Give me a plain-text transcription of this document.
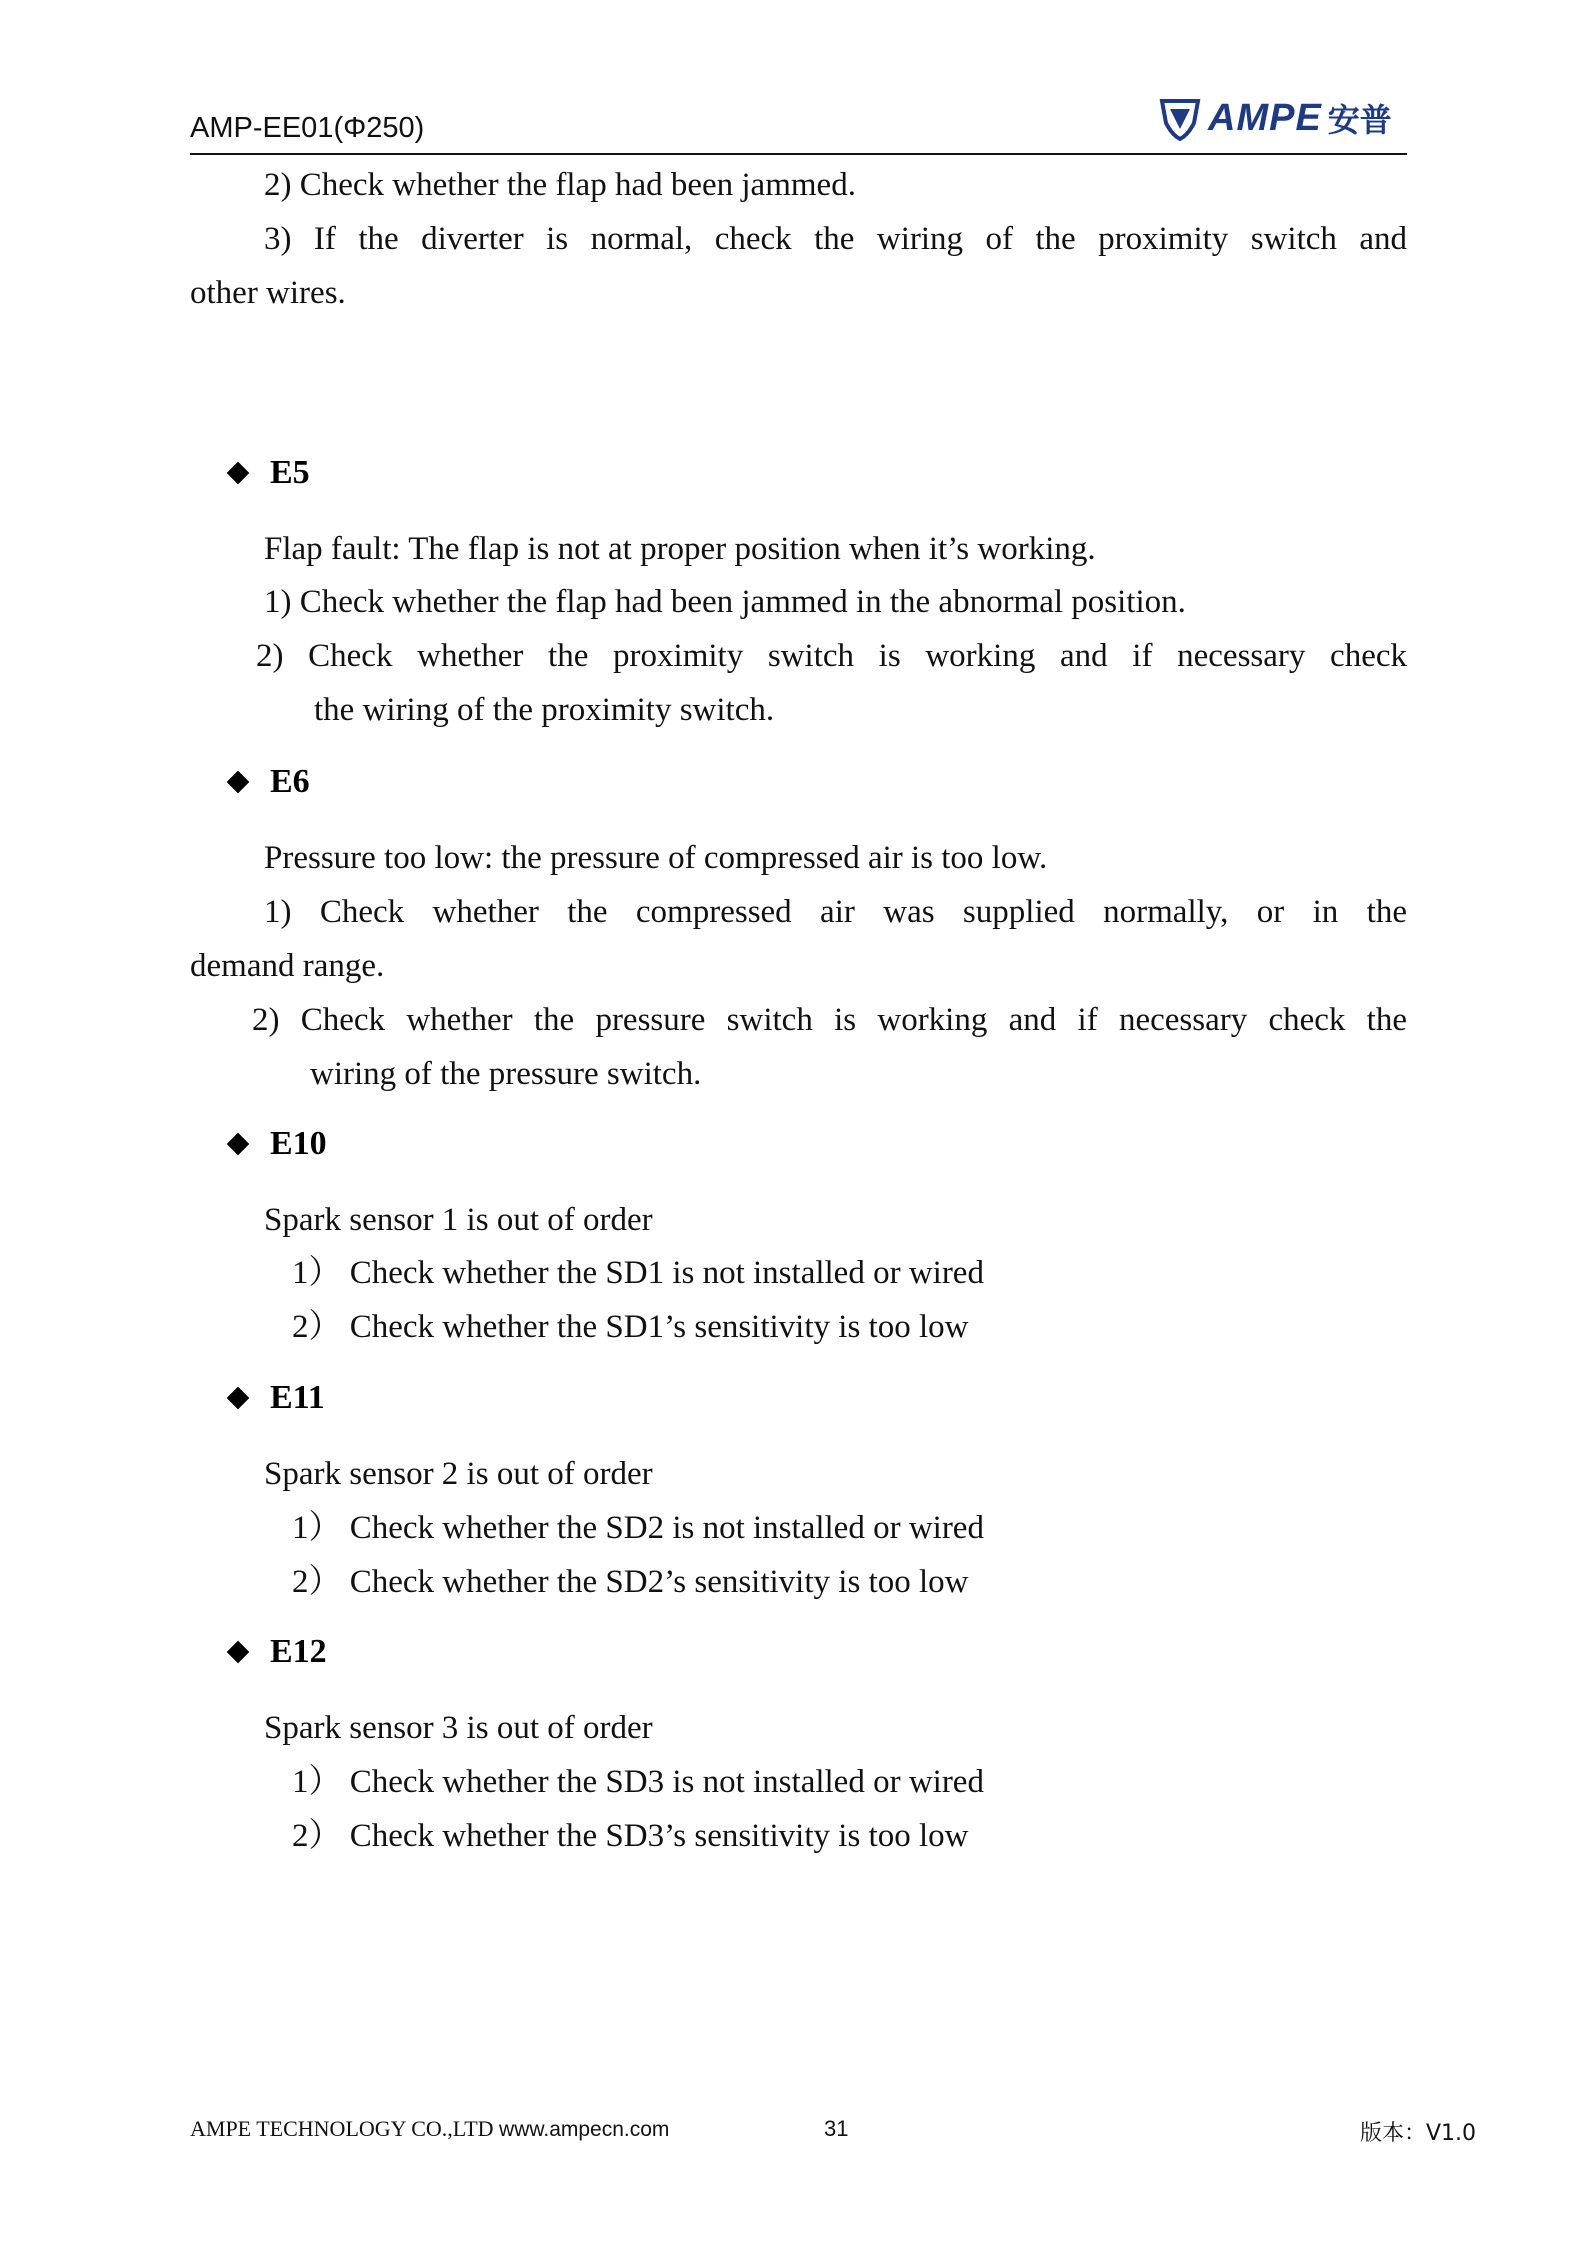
AMP-EE01(Φ250)	AMPE 安普
2) Check whether the flap had been jammed.
3) If the diverter is normal, check the wiring of the proximity switch and
other wires.
E5
Flap fault: The flap is not at proper position when it’s working.
1) Check whether the flap had been jammed in the abnormal position.
2) Check whether the proximity switch is working and if necessary check
the wiring of the proximity switch.
E6
Pressure too low: the pressure of compressed air is too low.
1) Check whether the compressed air was supplied normally, or in the
demand range.
2) Check whether the pressure switch is working and if necessary check the
wiring of the pressure switch.
E10
Spark sensor 1 is out of order
1） Check whether the SD1 is not installed or wired
2） Check whether the SD1’s sensitivity is too low
E11
Spark sensor 2 is out of order
1） Check whether the SD2 is not installed or wired
2） Check whether the SD2’s sensitivity is too low
E12
Spark sensor 3 is out of order
1） Check whether the SD3 is not installed or wired
2） Check whether the SD3’s sensitivity is too low
AMPE TECHNOLOGY CO.,LTD www.ampecn.com	31	版本：V1.0
